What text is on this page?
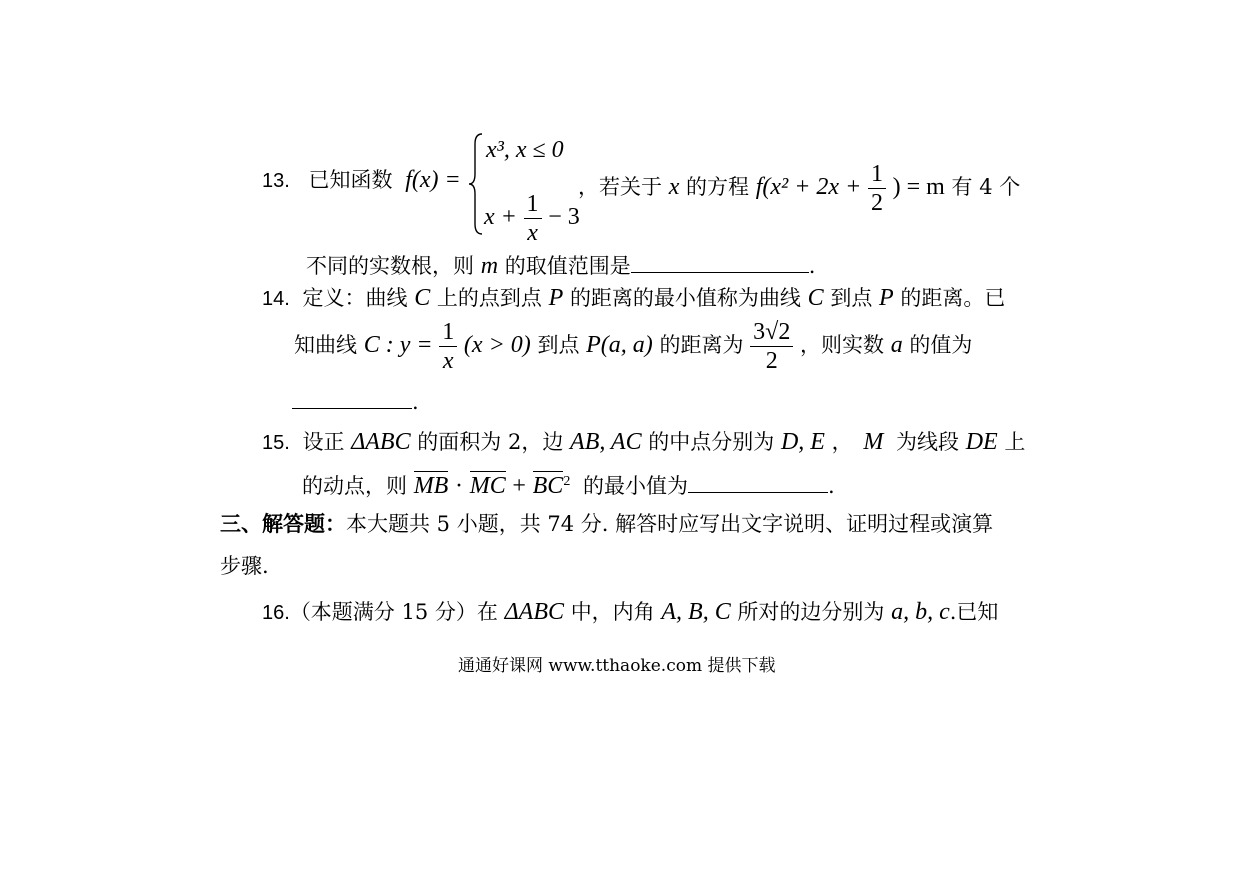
13. 已知函数 f(x) =
x³, x ≤ 0
$x + \frac{1}{x} - 3$
，若关于 x 的方程 $f(x^2 + 2x + \frac{1}{2}$ ) = m 有 4 个
不同的实数根，则 m 的取值范围是	.
14. 定义：曲线 C 上的点到点 P 的距离的最小值称为曲线 C 到点 P 的距离。已
知曲线 C : $y = \frac{1}{x} (x > 0)$ 到点 P(a, a) 的距离为 $\frac{3√2}{2}$ ，则实数 a 的值为
.
15. 设正 ΔABC 的面积为 2，边 AB, AC 的中点分别为 D, E ， M 为线段 DE 上
的动点，则 MB · MC + $BC^2$ 的最小值为	.
三、解答题：本大题共 5 小题，共 74 分. 解答时应写出文字说明、证明过程或演算
步骤.
16.（本题满分 15 分）在 ΔABC 中，内角 A, B, C 所对的边分别为 a, b, c.已知
通通好课网 www.tthaoke.com 提供下载
